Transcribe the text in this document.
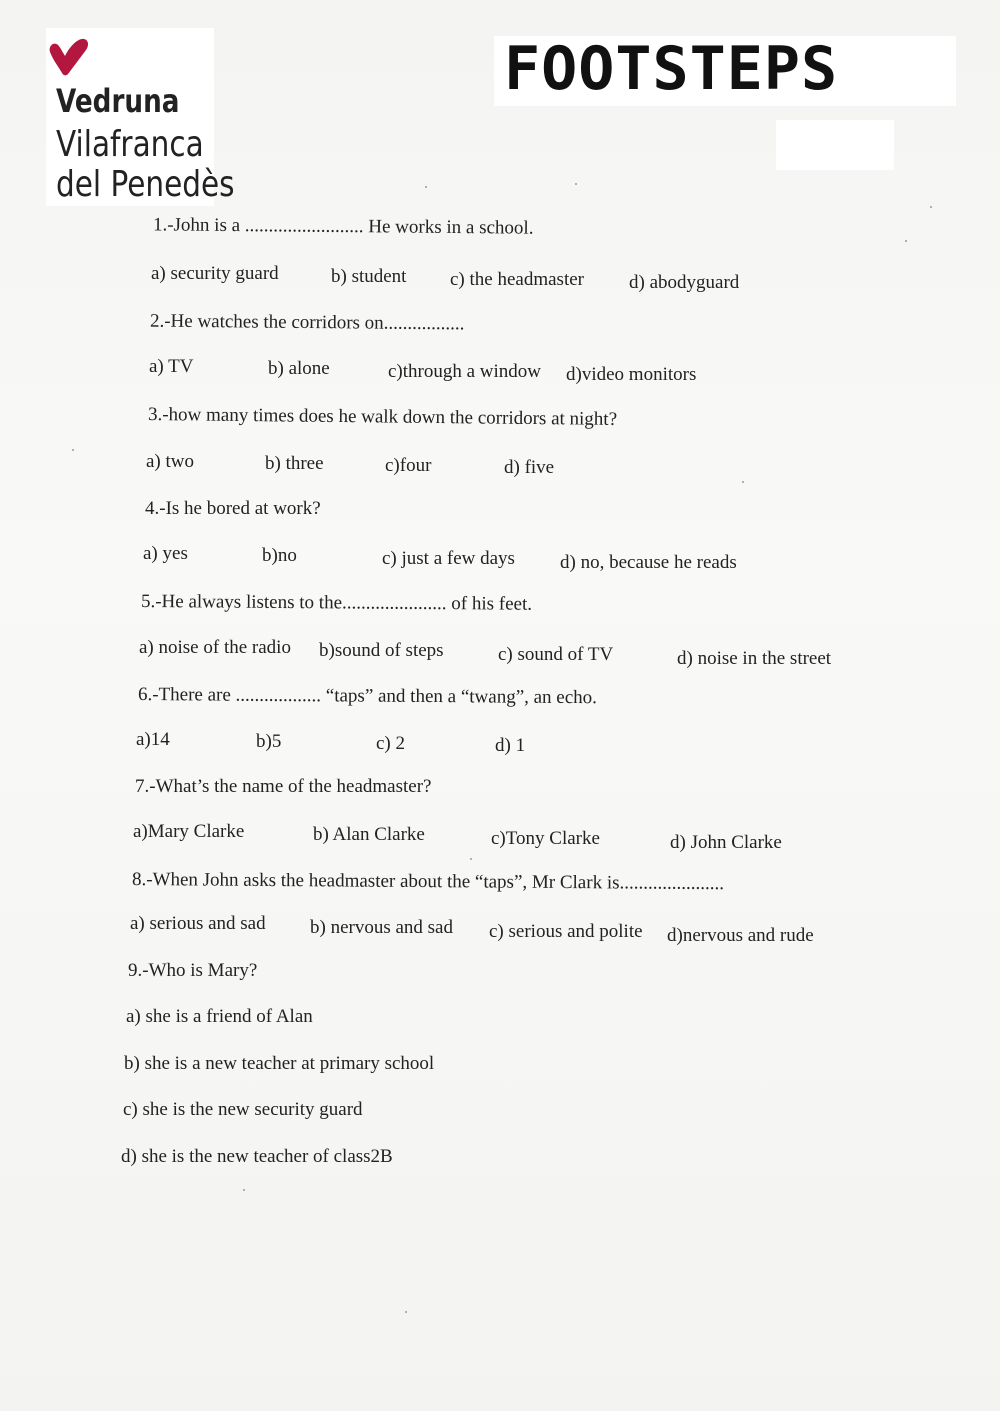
Vedruna
Vilafranca
del Penedès
FOOTSTEPS
1.-John is a ......................... He works in a school.
a) security guard	b) student c) the headmaster d) abodyguard
2.-He watches the corridors on.................
a) TV	b) alone	c)through a window d)video monitors
3.-how many times does he walk down the corridors at night?
a) two	b) three	c)four	d) five
4.-Is he bored at work?
a) yes	b)no	c) just a few days d) no, because he reads
5.-He always listens to the...................... of his feet.
a) noise of the radio b)sound of steps	c) sound of TV	d) noise in the street
6.-There are .................. “taps” and then a “twang”, an echo.
a)14	b)5	c) 2	d) 1
7.-What’s the name of the headmaster?
a)Mary Clarke	b) Alan Clarke	c)Tony Clarke	d) John Clarke
8.-When John asks the headmaster about the “taps”, Mr Clark is......................
a) serious and sad b) nervous and sad c) serious and polite d)nervous and rude
9.-Who is Mary?
a) she is a friend of Alan
b) she is a new teacher at primary school
c) she is the new security guard
d) she is the new teacher of class2B
